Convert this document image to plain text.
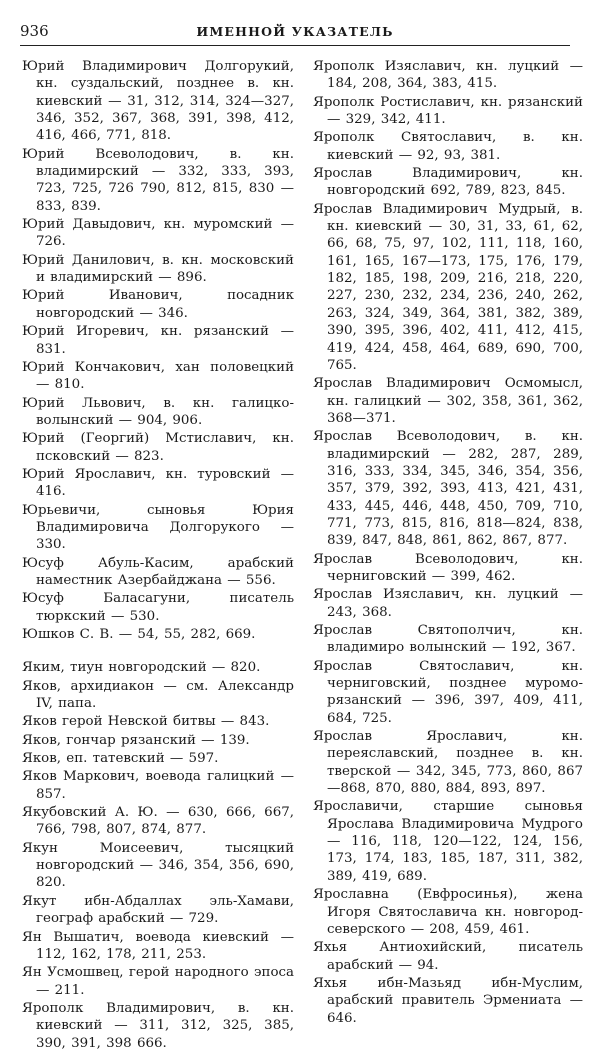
936	ИМЕННОЙ УКАЗАТЕЛЬ

Юрий Владимирович Долгорукий, кн. суздальский, позднее в. кн. киевский — 31, 312, 314, 324—327, 346, 352, 367, 368, 391, 398, 412, 416, 466, 771, 818.

Юрий Всеволодович, в. кн. владимирский — 332, 333, 393, 723, 725, 726 790, 812, 815, 830 — 833, 839.

Юрий Давыдович, кн. муромский — 726.

Юрий Данилович, в. кн. московский и владимирский — 896.

Юрий Иванович, посадник новгородский — 346.

Юрий Игоревич, кн. рязанский — 831.

Юрий Кончакович, хан половецкий — 810.

Юрий Львович, в. кн. галицко-волынский — 904, 906.

Юрий (Георгий) Мстиславич, кн. псковский — 823.

Юрий Ярославич, кн. туровский — 416.

Юрьевичи, сыновья Юрия Владимировича Долгорукого — 330.

Юсуф Абуль-Касим, арабский наместник Азербайджана — 556.

Юсуф Баласагуни, писатель тюркский — 530.

Юшков С. В. — 54, 55, 282, 669.

Яким, тиун новгородский — 820.

Яков, архидиакон — см. Александр IV, папа.

Яков герой Невской битвы — 843.

Яков, гончар рязанский — 139.

Яков, еп. татевский — 597.

Яков Маркович, воевода галицкий — 857.

Якубовский А. Ю. — 630, 666, 667, 766, 798, 807, 874, 877.

Якун Моисеевич, тысяцкий новгородский — 346, 354, 356, 690, 820.

Якут ибн-Абдаллах эль-Хамави, географ арабский — 729.

Ян Вышатич, воевода киевский — 112, 162, 178, 211, 253.

Ян Усмошвец, герой народного эпоса — 211.

Ярополк Владимирович, в. кн. киевский — 311, 312, 325, 385, 390, 391, 398 666.

Ярополк Изяславич, кн. луцкий — 184, 208, 364, 383, 415.

Ярополк Ростиславич, кн. рязанский — 329, 342, 411.

Ярополк Святославич, в. кн. киевский — 92, 93, 381.

Ярослав Владимирович, кн. новгородский 692, 789, 823, 845.

Ярослав Владимирович Мудрый, в. кн. киевский — 30, 31, 33, 61, 62, 66, 68, 75, 97, 102, 111, 118, 160, 161, 165, 167—173, 175, 176, 179, 182, 185, 198, 209, 216, 218, 220, 227, 230, 232, 234, 236, 240, 262, 263, 324, 349, 364, 381, 382, 389, 390, 395, 396, 402, 411, 412, 415, 419, 424, 458, 464, 689, 690, 700, 765.

Ярослав Владимирович Осмомысл, кн. галицкий — 302, 358, 361, 362, 368—371.

Ярослав Всеволодович, в. кн. владимирский — 282, 287, 289, 316, 333, 334, 345, 346, 354, 356, 357, 379, 392, 393, 413, 421, 431, 433, 445, 446, 448, 450, 709, 710, 771, 773, 815, 816, 818—824, 838, 839, 847, 848, 861, 862, 867, 877.

Ярослав Всеволодович, кн. черниговский — 399, 462.

Ярослав Изяславич, кн. луцкий — 243, 368.

Ярослав Святополчич, кн. владимиро волынский — 192, 367.

Ярослав Святославич, кн. черниговский, позднее муромо-рязанский — 396, 397, 409, 411, 684, 725.

Ярослав Ярославич, кн. переяславский, позднее в. кн. тверской — 342, 345, 773, 860, 867—868, 870, 880, 884, 893, 897.

Ярославичи, старшие сыновья Ярослава Владимировича Мудрого — 116, 118, 120—122, 124, 156, 173, 174, 183, 185, 187, 311, 382, 389, 419, 689.

Ярославна (Евфросинья), жена Игоря Святославича кн. новгород-северского — 208, 459, 461.

Яхья Антиохийский, писатель арабский — 94.

Яхья ибн-Мазьяд ибн-Муслим, арабский правитель Эрмениата — 646.
